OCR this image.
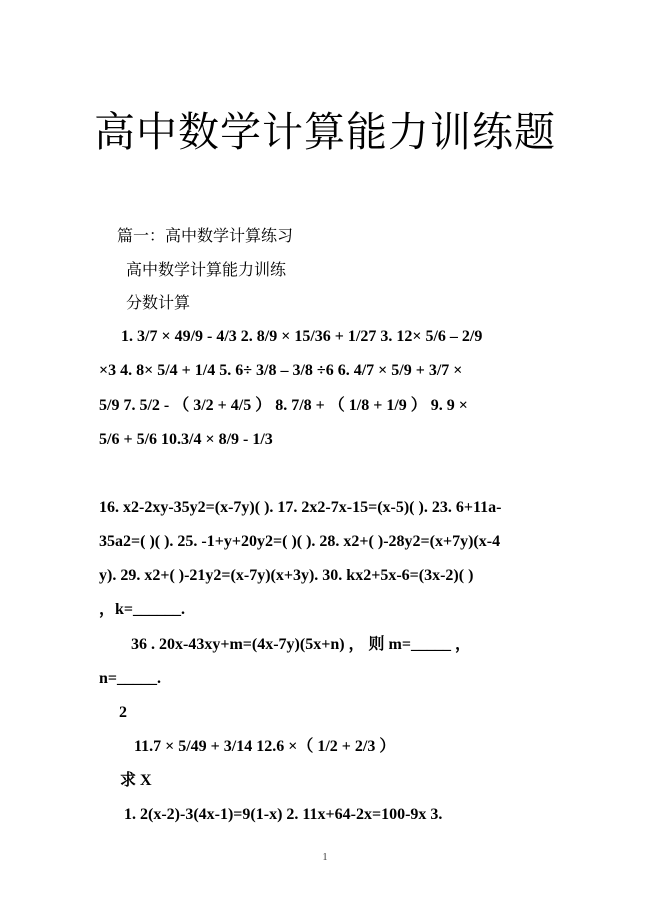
高中数学计算能力训练题
篇一：高中数学计算练习
高中数学计算能力训练
分数计算
1. 3/7 × 49/9 - 4/3 2. 8/9 × 15/36 + 1/27 3. 12× 5/6 – 2/9
×3 4. 8× 5/4 + 1/4 5. 6÷ 3/8 – 3/8 ÷6 6. 4/7 × 5/9 + 3/7 ×
5/9 7. 5/2 - （ 3/2 + 4/5 ） 8. 7/8 + （ 1/8 + 1/9 ） 9. 9 ×
5/6 + 5/6 10.3/4 × 8/9 - 1/3
16. x2-2xy-35y2=(x-7y)( ). 17. 2x2-7x-15=(x-5)( ). 23. 6+11a-
35a2=( )( ). 25. -1+y+20y2=( )( ). 28. x2+( )-28y2=(x+7y)(x-4
y). 29. x2+( )-21y2=(x-7y)(x+3y). 30. kx2+5x-6=(3x-2)( )
，k=______.
36 . 20x-43xy+m=(4x-7y)(5x+n) ， 则 m=_____ ，
n=_____.
2
11.7 × 5/49 + 3/14 12.6 ×（ 1/2 + 2/3 ）
求 X
1. 2(x-2)-3(4x-1)=9(1-x) 2. 11x+64-2x=100-9x 3.
1
